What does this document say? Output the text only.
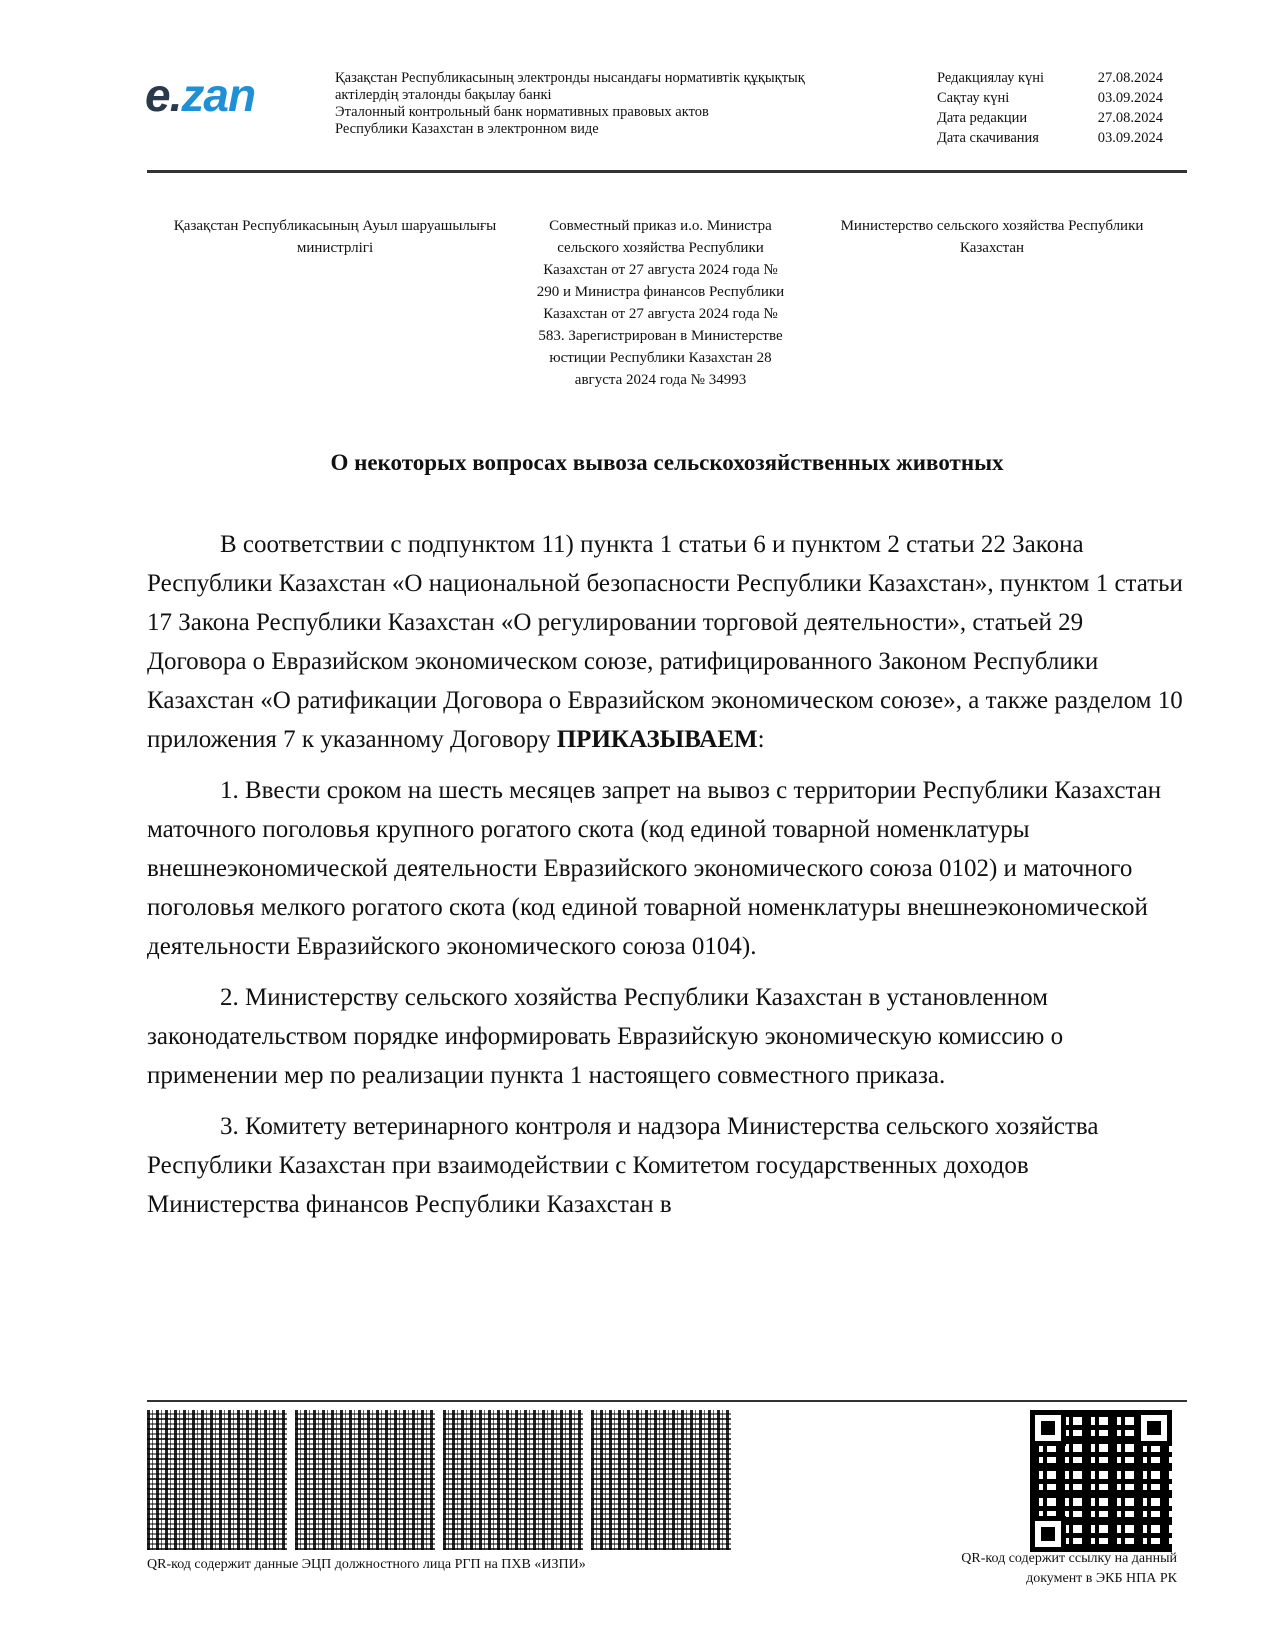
e.zan	Қазақстан Республикасының электронды нысандағы нормативтік құқықтық
актілердің эталонды бақылау банкі
Эталонный контрольный банк нормативных правовых актов
Республики Казахстан в электронном виде
Редакциялау күні	27.08.2024
Сақтау күні	03.09.2024
Дата редакции	27.08.2024
Дата скачивания	03.09.2024
Қазақстан Республикасының Ауыл шаруашылығы министрлігі
Совместный приказ и.о. Министра сельского хозяйства Республики Казахстан от 27 августа 2024 года № 290 и Министра финансов Республики Казахстан от 27 августа 2024 года № 583. Зарегистрирован в Министерстве юстиции Республики Казахстан 28 августа 2024 года № 34993
Министерство сельского хозяйства Республики Казахстан
О некоторых вопросах вывоза сельскохозяйственных животных

В соответствии с подпунктом 11) пункта 1 статьи 6 и пунктом 2 статьи 22 Закона Республики Казахстан «О национальной безопасности Республики Казахстан», пунктом 1 статьи 17 Закона Республики Казахстан «О регулировании торговой деятельности», статьей 29 Договора о Евразийском экономическом союзе, ратифицированного Законом Республики Казахстан «О ратификации Договора о Евразийском экономическом союзе», а также разделом 10 приложения 7 к указанному Договору ПРИКАЗЫВАЕМ:

1. Ввести сроком на шесть месяцев запрет на вывоз с территории Республики Казахстан маточного поголовья крупного рогатого скота (код единой товарной номенклатуры внешнеэкономической деятельности Евразийского экономического союза 0102) и маточного поголовья мелкого рогатого скота (код единой товарной номенклатуры внешнеэкономической деятельности Евразийского экономического союза 0104).

2. Министерству сельского хозяйства Республики Казахстан в установленном законодательством порядке информировать Евразийскую экономическую комиссию о применении мер по реализации пункта 1 настоящего совместного приказа.

3. Комитету ветеринарного контроля и надзора Министерства сельского хозяйства Республики Казахстан при взаимодействии с Комитетом государственных доходов Министерства финансов Республики Казахстан в

QR-код содержит данные ЭЦП должностного лица РГП на ПХВ «ИЗПИ»	QR-код содержит ссылку на данный документ в ЭКБ НПА РК
